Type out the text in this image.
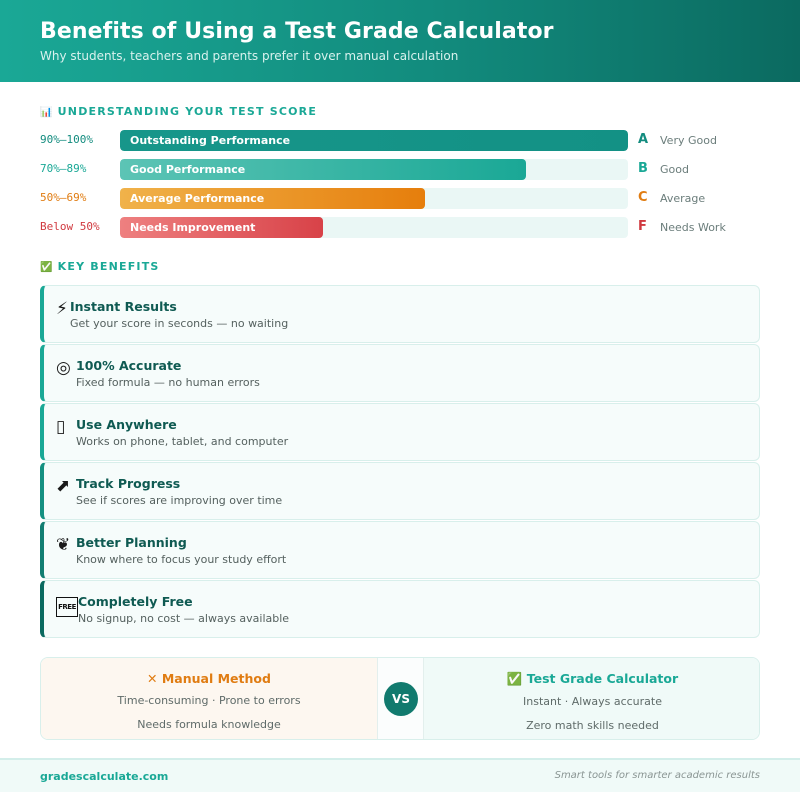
Benefits of Using a Test Grade Calculator

Why students, teachers and parents prefer it over manual calculation

📊 UNDERSTANDING YOUR TEST SCORE
90%–100%	Outstanding Performance	A Very Good
70%–89%	Good Performance	B Good
50%–69%	Average Performance	C Average
Below 50%	Needs Improvement	F Needs Work
✅ KEY BENEFITS
⚡ Instant Results
Get your score in seconds — no waiting
◎ 100% Accurate
Fixed formula — no human errors
▯ Use Anywhere
Works on phone, tablet, and computer
⬈ Track Progress
See if scores are improving over time
❦ Better Planning
Know where to focus your study effort
FREE Completely Free
No signup, no cost — always available
✕ Manual Method
Time-consuming · Prone to errors
Needs formula knowledge
VS
✅ Test Grade Calculator
Instant · Always accurate
Zero math skills needed
gradescalculate.com	Smart tools for smarter academic results
